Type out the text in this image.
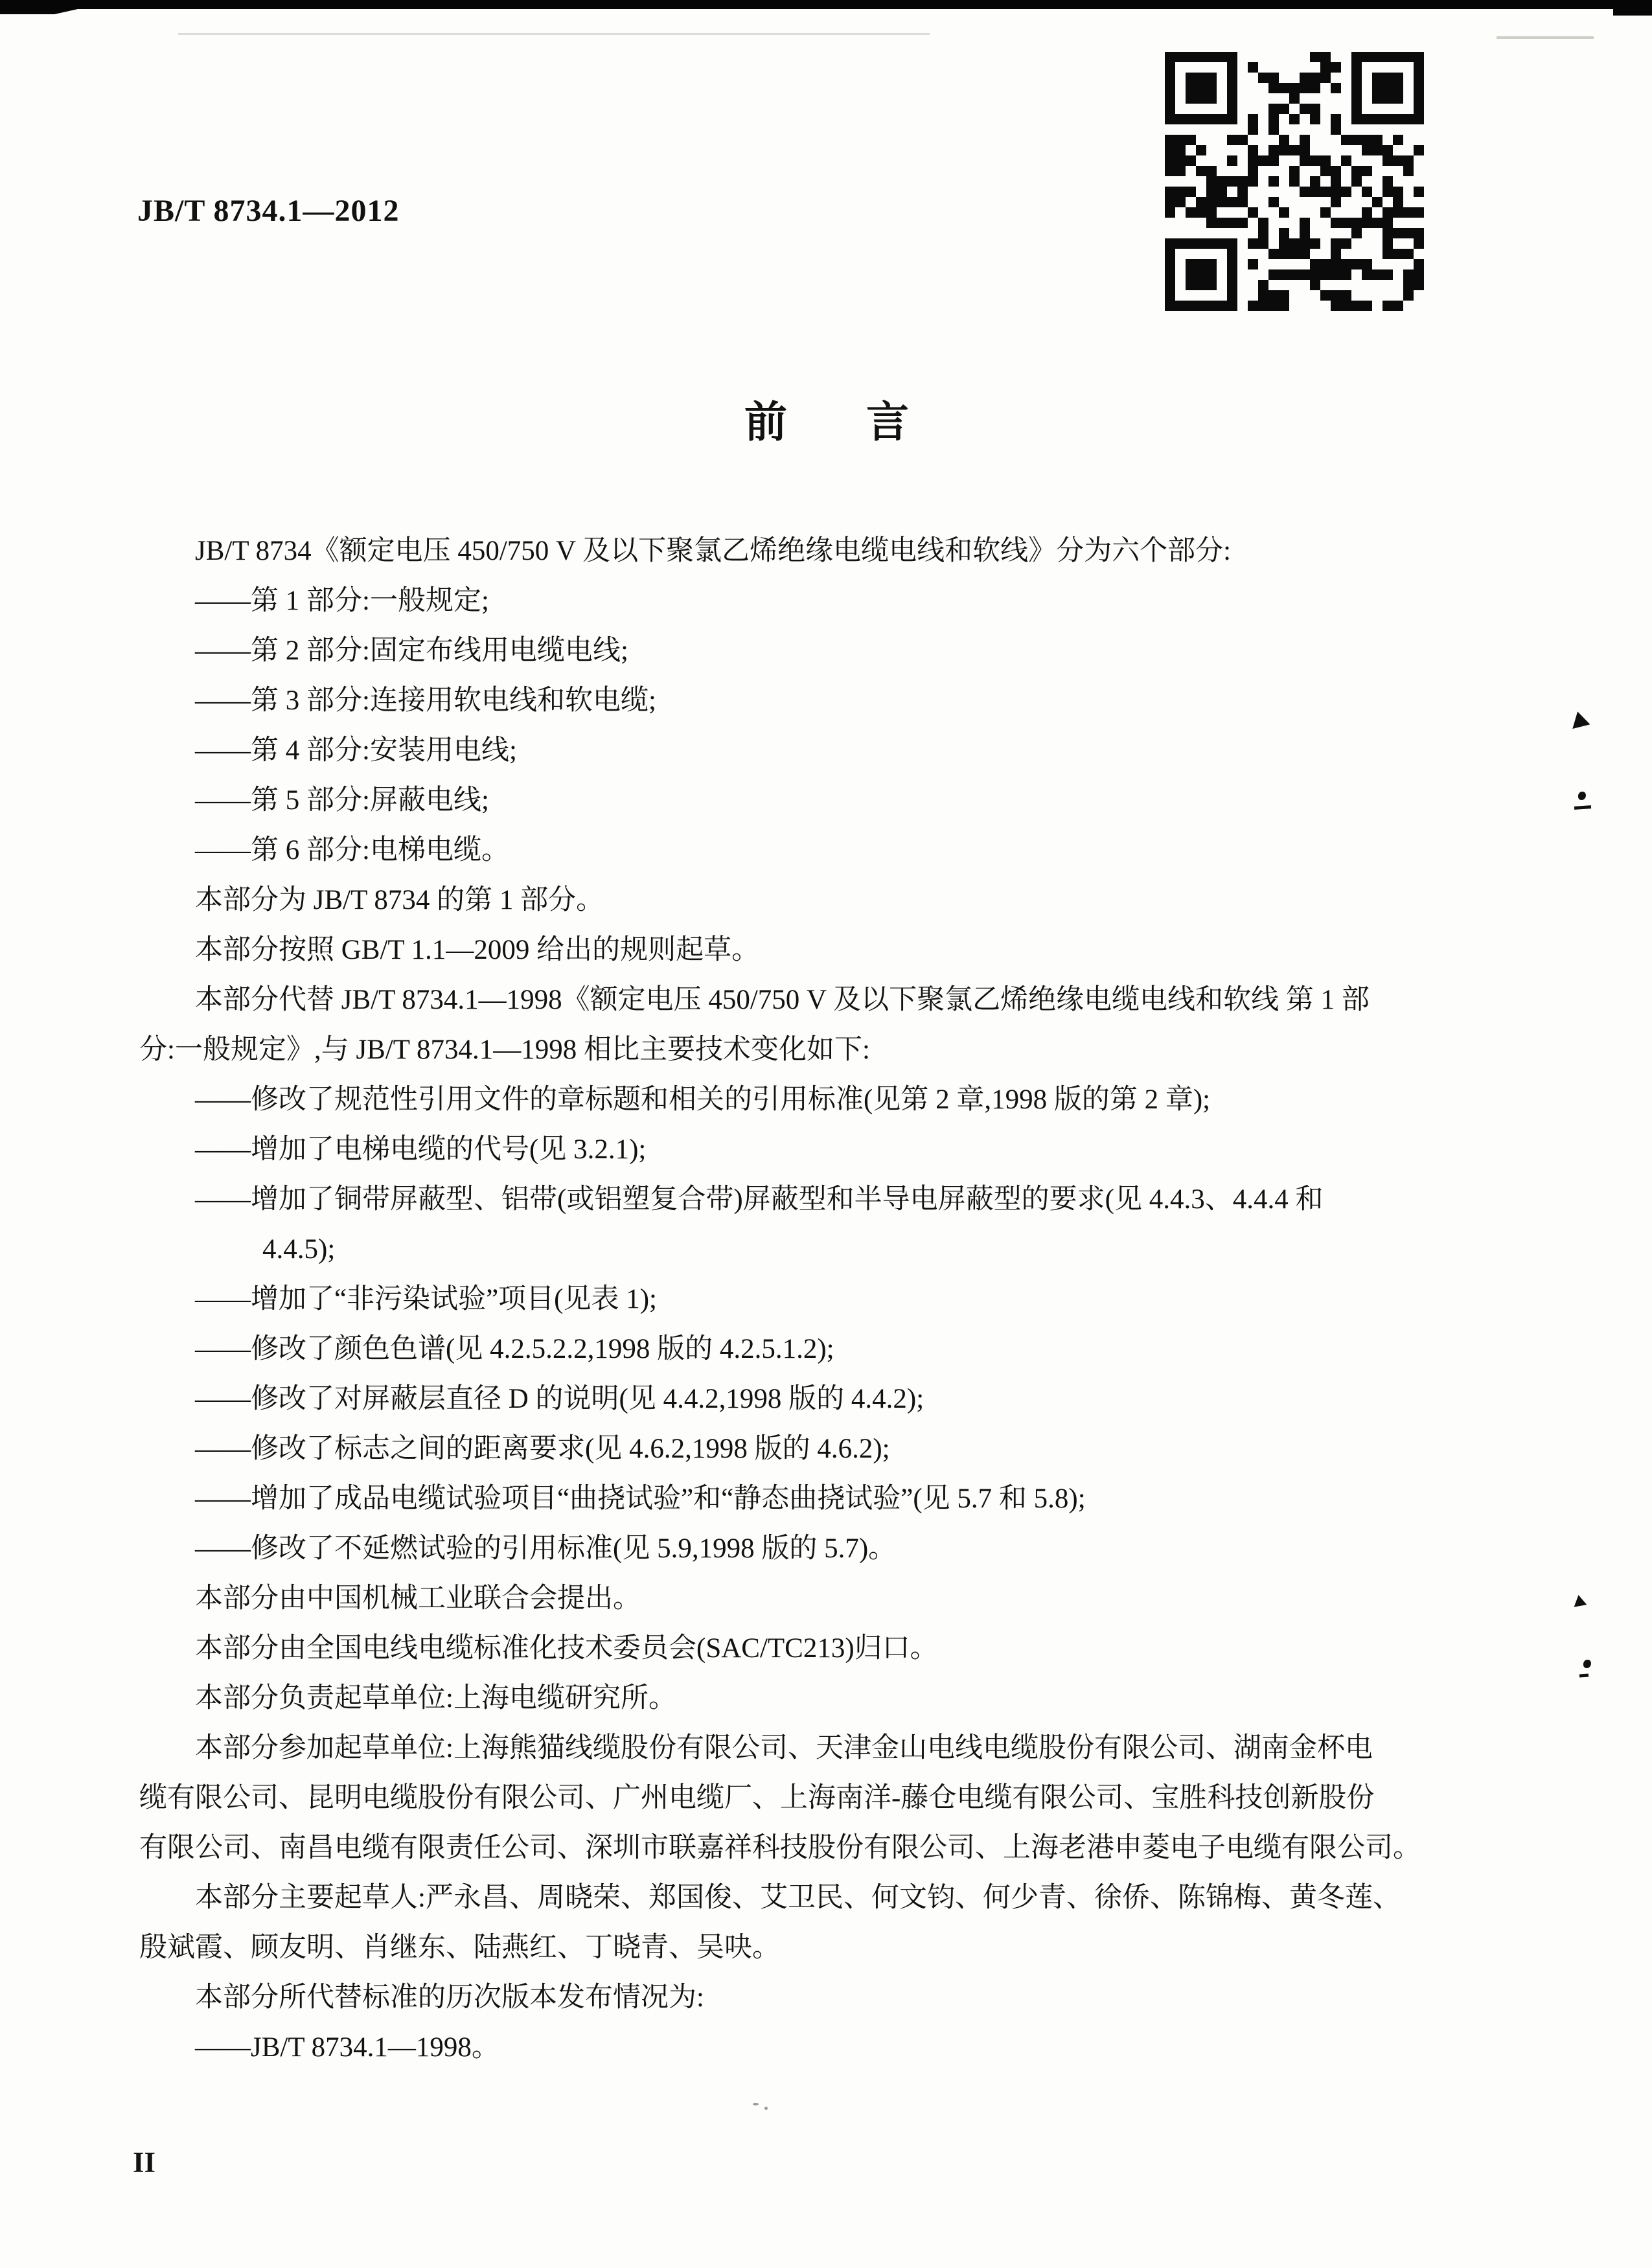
JB/T 8734.1—2012
前 言
JB/T 8734《额定电压 450/750 V 及以下聚氯乙烯绝缘电缆电线和软线》分为六个部分:
——第 1 部分:一般规定;
——第 2 部分:固定布线用电缆电线;
——第 3 部分:连接用软电线和软电缆;
——第 4 部分:安装用电线;
——第 5 部分:屏蔽电线;
——第 6 部分:电梯电缆。
本部分为 JB/T 8734 的第 1 部分。
本部分按照 GB/T 1.1—2009 给出的规则起草。
本部分代替 JB/T 8734.1—1998《额定电压 450/750 V 及以下聚氯乙烯绝缘电缆电线和软线 第 1 部
分:一般规定》,与 JB/T 8734.1—1998 相比主要技术变化如下:
——修改了规范性引用文件的章标题和相关的引用标准(见第 2 章,1998 版的第 2 章);
——增加了电梯电缆的代号(见 3.2.1);
——增加了铜带屏蔽型、铝带(或铝塑复合带)屏蔽型和半导电屏蔽型的要求(见 4.4.3、4.4.4 和
4.4.5);
——增加了“非污染试验”项目(见表 1);
——修改了颜色色谱(见 4.2.5.2.2,1998 版的 4.2.5.1.2);
——修改了对屏蔽层直径 D 的说明(见 4.4.2,1998 版的 4.4.2);
——修改了标志之间的距离要求(见 4.6.2,1998 版的 4.6.2);
——增加了成品电缆试验项目“曲挠试验”和“静态曲挠试验”(见 5.7 和 5.8);
——修改了不延燃试验的引用标准(见 5.9,1998 版的 5.7)。
本部分由中国机械工业联合会提出。
本部分由全国电线电缆标准化技术委员会(SAC/TC213)归口。
本部分负责起草单位:上海电缆研究所。
本部分参加起草单位:上海熊猫线缆股份有限公司、天津金山电线电缆股份有限公司、湖南金杯电
缆有限公司、昆明电缆股份有限公司、广州电缆厂、上海南洋-藤仓电缆有限公司、宝胜科技创新股份
有限公司、南昌电缆有限责任公司、深圳市联嘉祥科技股份有限公司、上海老港申菱电子电缆有限公司。
本部分主要起草人:严永昌、周晓荣、郑国俊、艾卫民、何文钧、何少青、徐侨、陈锦梅、黄冬莲、
殷斌霞、顾友明、肖继东、陆燕红、丁晓青、吴吷。
本部分所代替标准的历次版本发布情况为:
——JB/T 8734.1—1998。
II
